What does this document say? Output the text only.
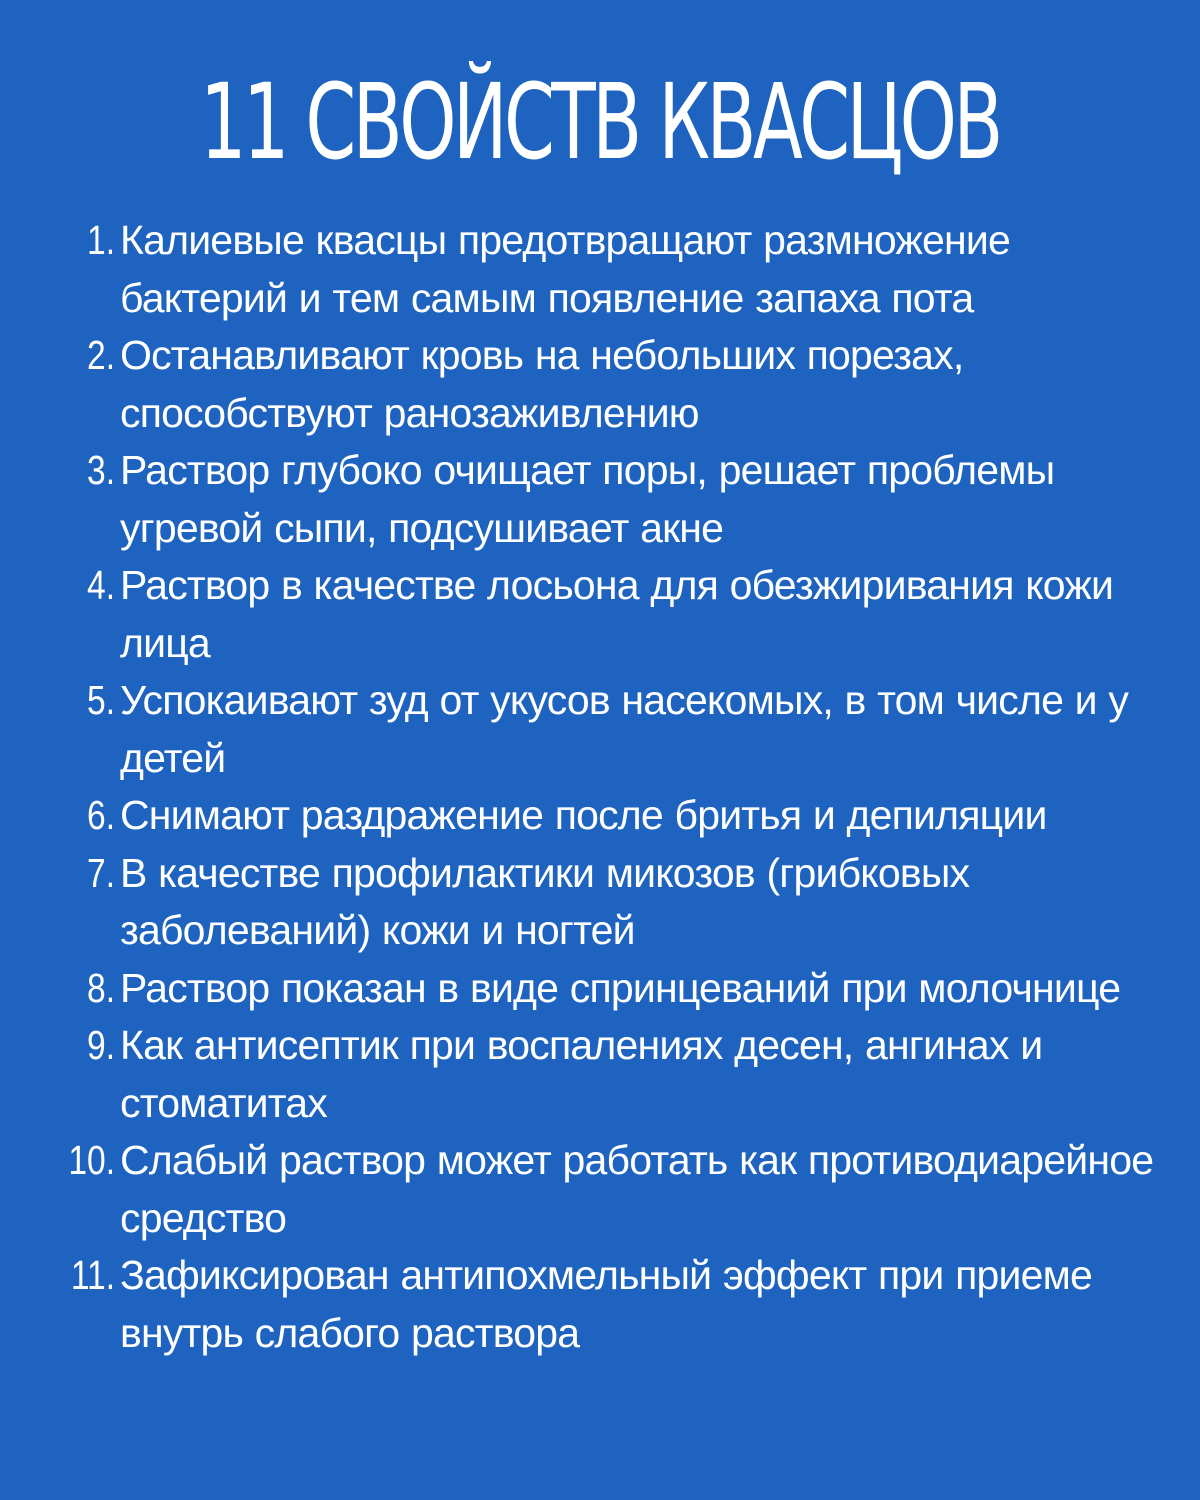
11 СВОЙСТВ КВАСЦОВ
1. Калиевые квасцы предотвращают размножение бактерий и тем самым появление запаха пота
2. Останавливают кровь на небольших порезах, способствуют ранозаживлению
3. Раствор глубоко очищает поры, решает проблемы угревой сыпи, подсушивает акне
4. Раствор в качестве лосьона для обезжиривания кожи лица
5. Успокаивают зуд от укусов насекомых, в том числе и у детей
6. Снимают раздражение после бритья и депиляции
7. В качестве профилактики микозов (грибковых заболеваний) кожи и ногтей
8. Раствор показан в виде спринцеваний при молочнице
9. Как антисептик при воспалениях десен, ангинах и стоматитах
10. Слабый раствор может работать как противодиарейное средство
11. Зафиксирован антипохмельный эффект при приеме внутрь слабого раствора
